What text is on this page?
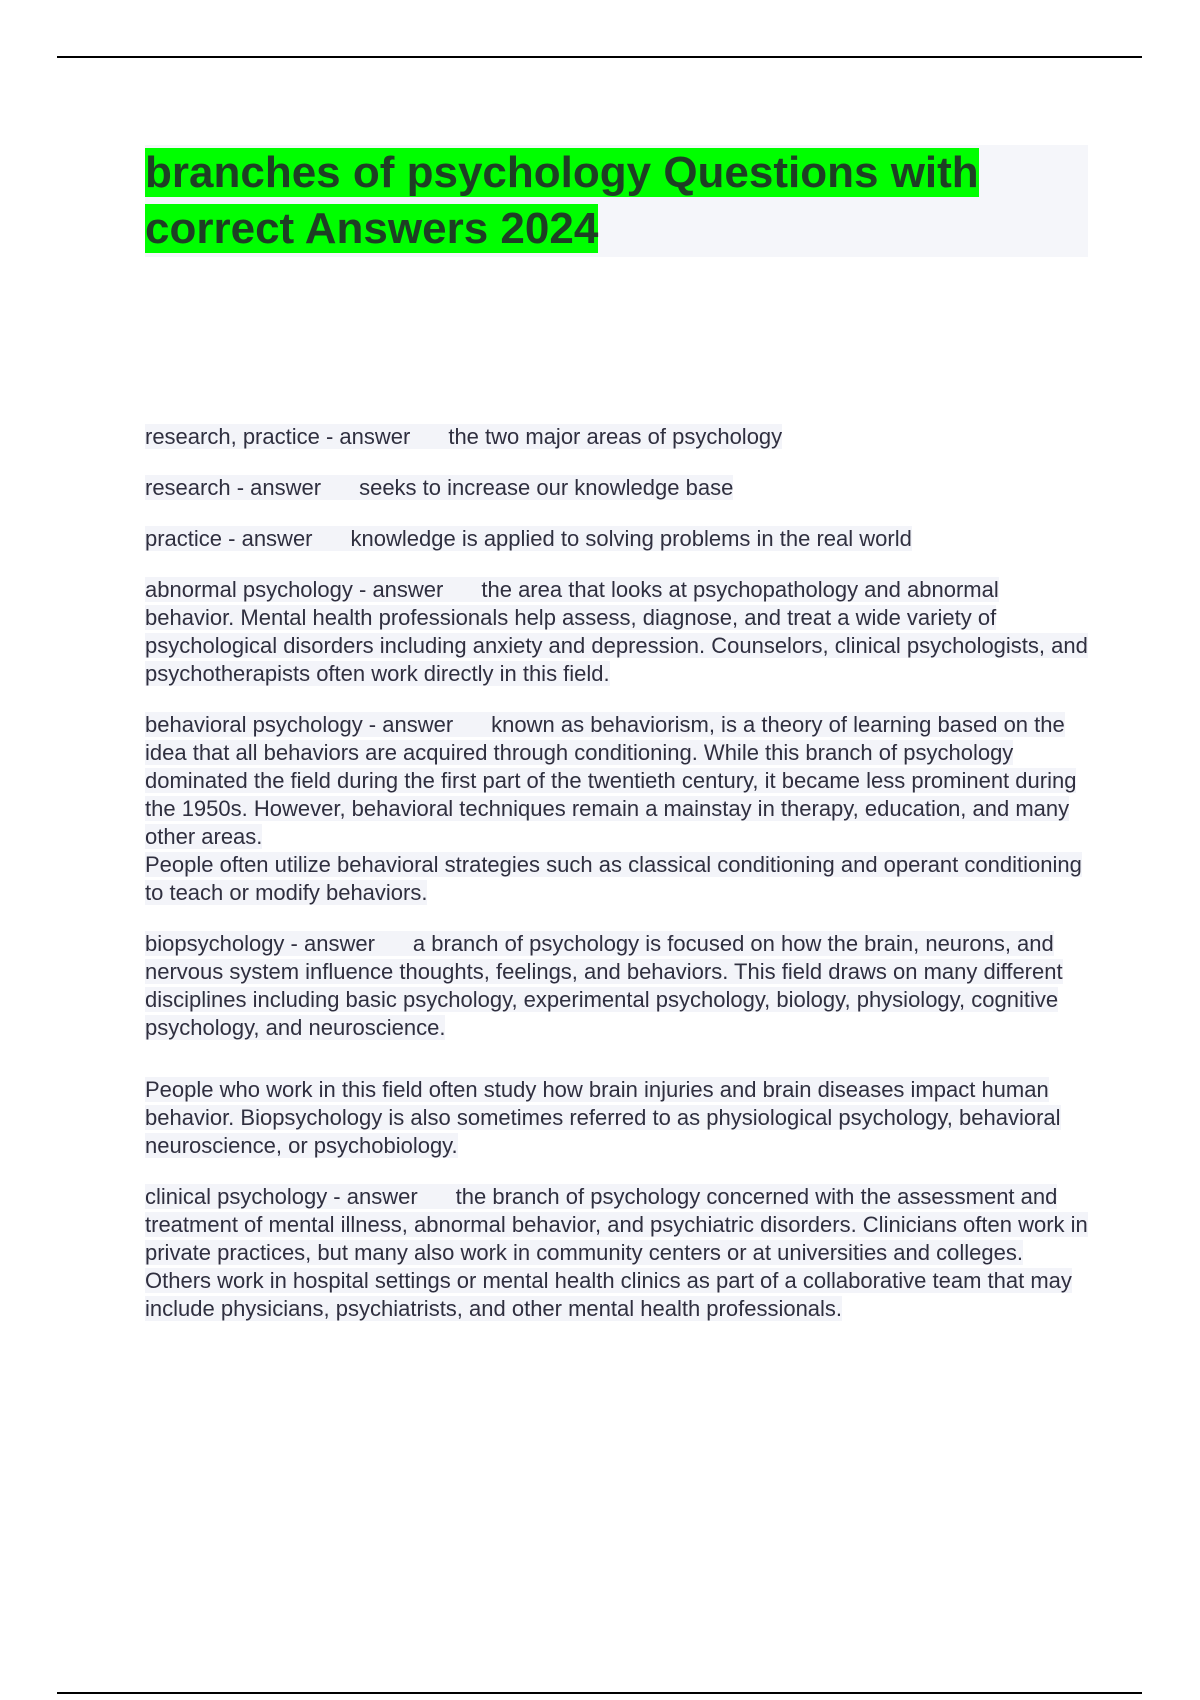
branches of psychology Questions with correct Answers 2024

research, practice - answer the two major areas of psychology

research - answer seeks to increase our knowledge base

practice - answer knowledge is applied to solving problems in the real world

abnormal psychology - answer the area that looks at psychopathology and abnormal behavior. Mental health professionals help assess, diagnose, and treat a wide variety of psychological disorders including anxiety and depression. Counselors, clinical psychologists, and psychotherapists often work directly in this field.

behavioral psychology - answer known as behaviorism, is a theory of learning based on the idea that all behaviors are acquired through conditioning. While this branch of psychology dominated the field during the first part of the twentieth century, it became less prominent during the 1950s. However, behavioral techniques remain a mainstay in therapy, education, and many other areas.
People often utilize behavioral strategies such as classical conditioning and operant conditioning to teach or modify behaviors.

biopsychology - answer a branch of psychology is focused on how the brain, neurons, and nervous system influence thoughts, feelings, and behaviors. This field draws on many different disciplines including basic psychology, experimental psychology, biology, physiology, cognitive psychology, and neuroscience.
People who work in this field often study how brain injuries and brain diseases impact human behavior. Biopsychology is also sometimes referred to as physiological psychology, behavioral neuroscience, or psychobiology.

clinical psychology - answer the branch of psychology concerned with the assessment and treatment of mental illness, abnormal behavior, and psychiatric disorders. Clinicians often work in private practices, but many also work in community centers or at universities and colleges. Others work in hospital settings or mental health clinics as part of a collaborative team that may include physicians, psychiatrists, and other mental health professionals.
